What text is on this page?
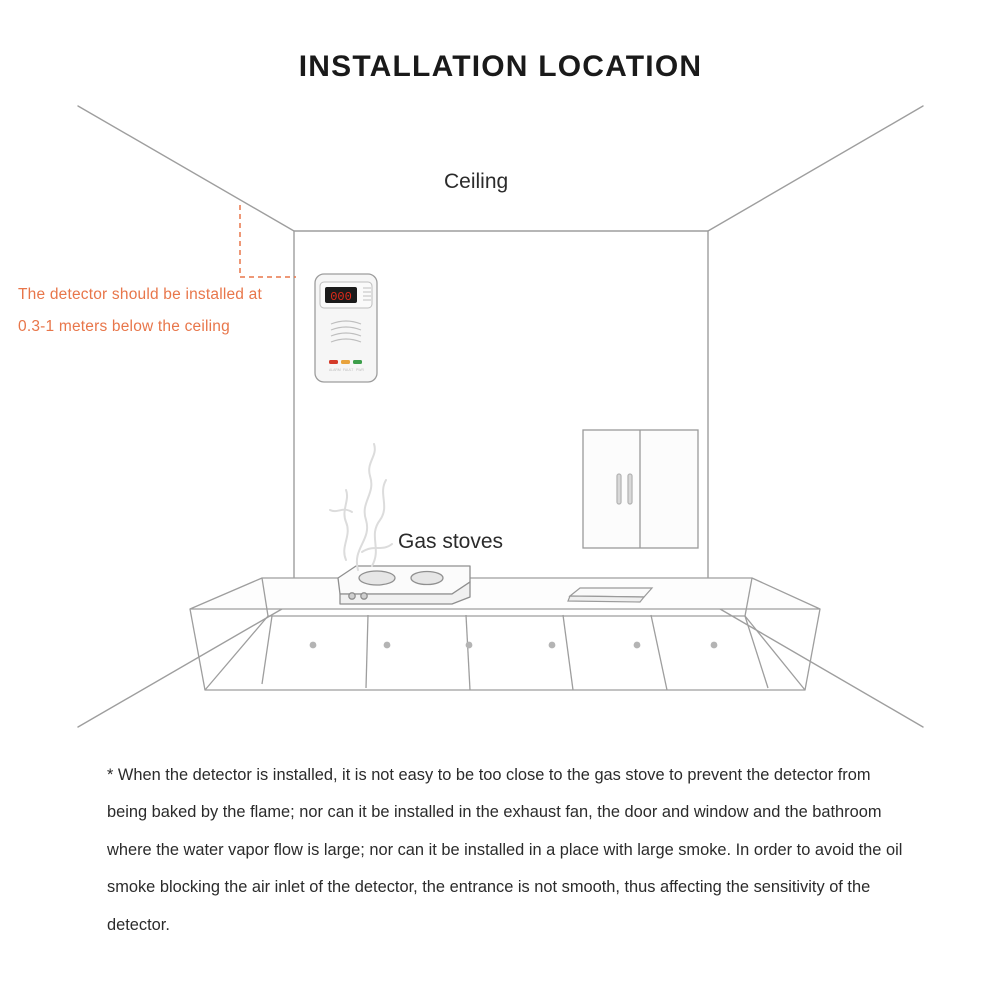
INSTALLATION LOCATION
000
ALARM FAULT PWR
Ceiling
Gas stoves
The detector should be installed at
0.3-1 meters below the ceiling
* When the detector is installed, it is not easy to be too close to the gas stove to prevent the detector from being baked by the flame; nor can it be installed in the exhaust fan, the door and window and the bathroom where the water vapor flow is large; nor can it be installed in a place with large smoke. In order to avoid the oil smoke blocking the air inlet of the detector, the entrance is not smooth, thus affecting the sensitivity of the detector.
